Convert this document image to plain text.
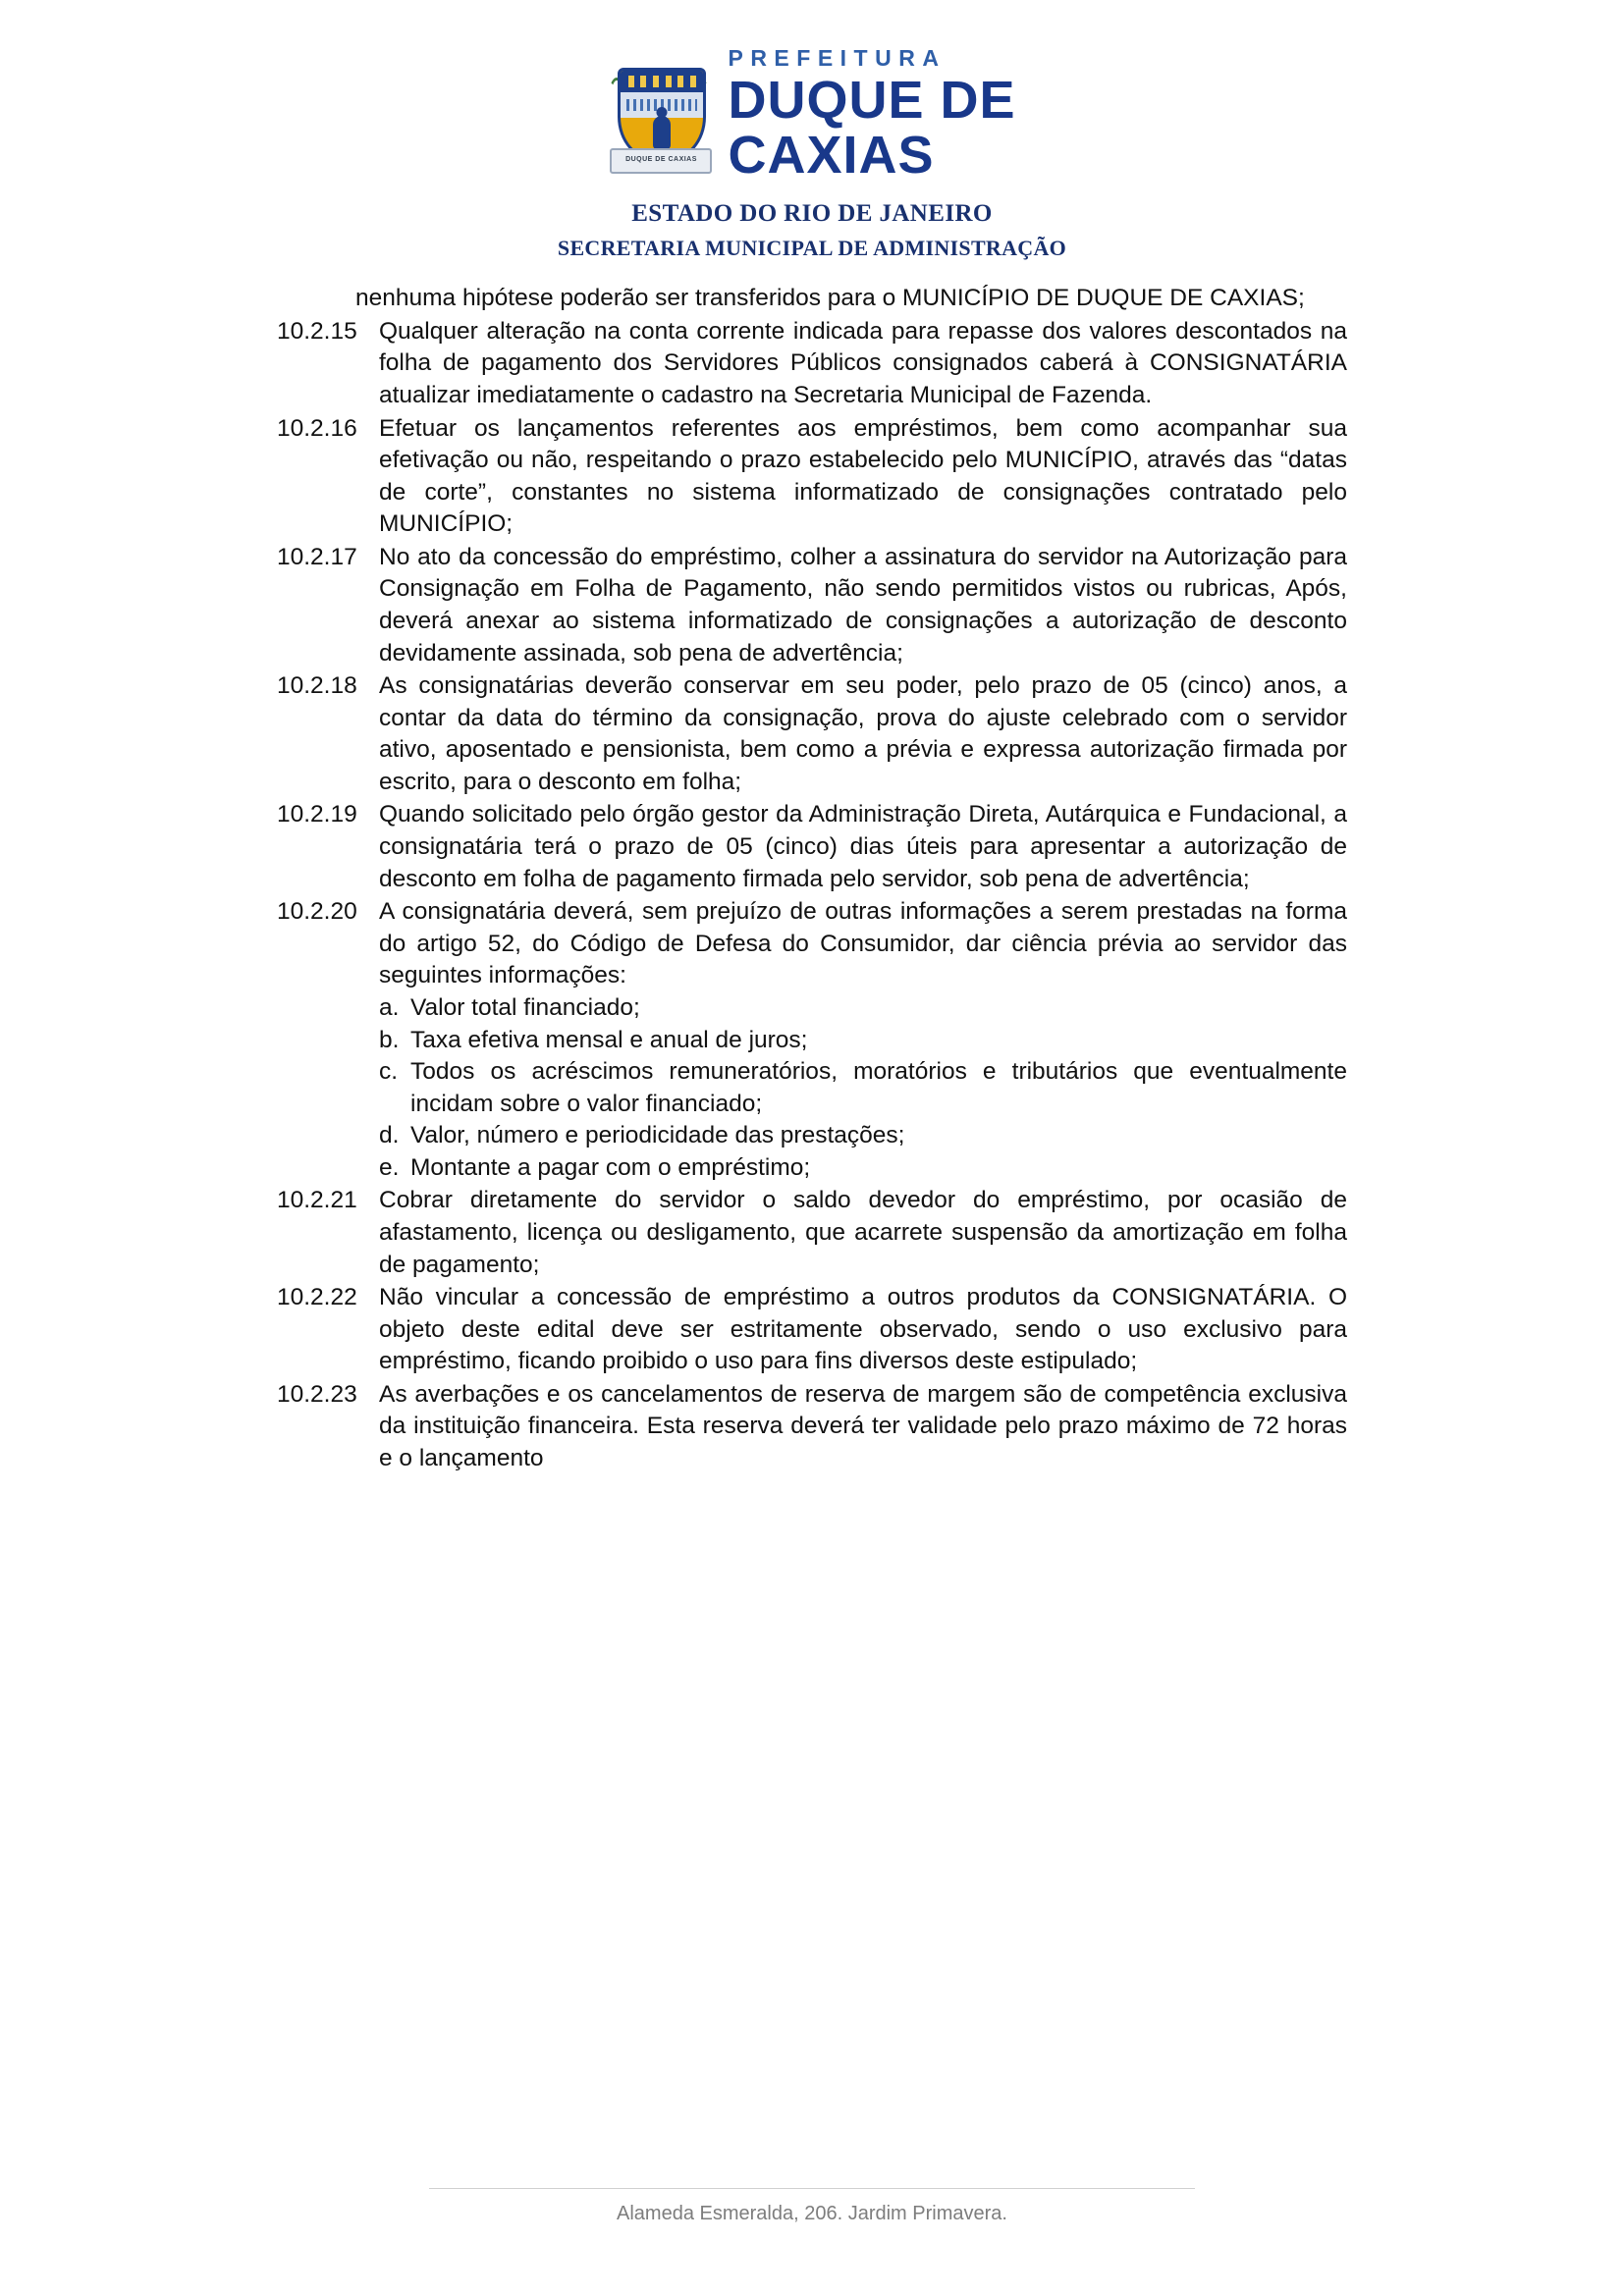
DUQUE DE CAXIAS
PREFEITURA
DUQUE DE
CAXIAS
ESTADO DO RIO DE JANEIRO
SECRETARIA MUNICIPAL DE ADMINISTRAÇÃO
nenhuma hipótese poderão ser transferidos para o MUNICÍPIO DE DUQUE DE CAXIAS;
10.2.15 Qualquer alteração na conta corrente indicada para repasse dos valores descontados na folha de pagamento dos Servidores Públicos consignados caberá à CONSIGNATÁRIA atualizar imediatamente o cadastro na Secretaria Municipal de Fazenda.
10.2.16 Efetuar os lançamentos referentes aos empréstimos, bem como acompanhar sua efetivação ou não, respeitando o prazo estabelecido pelo MUNICÍPIO, através das “datas de corte”, constantes no sistema informatizado de consignações contratado pelo MUNICÍPIO;
10.2.17 No ato da concessão do empréstimo, colher a assinatura do servidor na Autorização para Consignação em Folha de Pagamento, não sendo permitidos vistos ou rubricas, Após, deverá anexar ao sistema informatizado de consignações a autorização de desconto devidamente assinada, sob pena de advertência;
10.2.18 As consignatárias deverão conservar em seu poder, pelo prazo de 05 (cinco) anos, a contar da data do término da consignação, prova do ajuste celebrado com o servidor ativo, aposentado e pensionista, bem como a prévia e expressa autorização firmada por escrito, para o desconto em folha;
10.2.19 Quando solicitado pelo órgão gestor da Administração Direta, Autárquica e Fundacional, a consignatária terá o prazo de 05 (cinco) dias úteis para apresentar a autorização de desconto em folha de pagamento firmada pelo servidor, sob pena de advertência;
10.2.20 A consignatária deverá, sem prejuízo de outras informações a serem prestadas na forma do artigo 52, do Código de Defesa do Consumidor, dar ciência prévia ao servidor das seguintes informações:
a. Valor total financiado;
b. Taxa efetiva mensal e anual de juros;
c. Todos os acréscimos remuneratórios, moratórios e tributários que eventualmente incidam sobre o valor financiado;
d. Valor, número e periodicidade das prestações;
e. Montante a pagar com o empréstimo;
10.2.21 Cobrar diretamente do servidor o saldo devedor do empréstimo, por ocasião de afastamento, licença ou desligamento, que acarrete suspensão da amortização em folha de pagamento;
10.2.22 Não vincular a concessão de empréstimo a outros produtos da CONSIGNATÁRIA. O objeto deste edital deve ser estritamente observado, sendo o uso exclusivo para empréstimo, ficando proibido o uso para fins diversos deste estipulado;
10.2.23 As averbações e os cancelamentos de reserva de margem são de competência exclusiva da instituição financeira. Esta reserva deverá ter validade pelo prazo máximo de 72 horas e o lançamento
Alameda Esmeralda, 206. Jardim Primavera.
